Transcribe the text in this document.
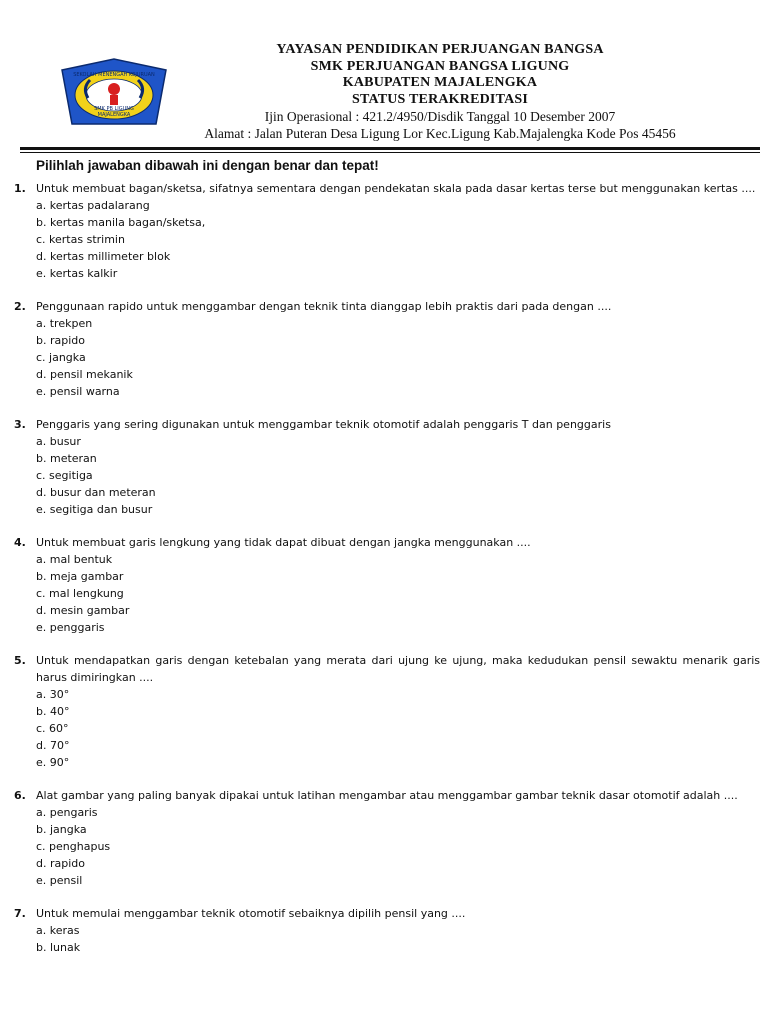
SEKOLAH MENENGAH KEJURUAN
SMK PB LIGUNG
MAJALENGKA
YAYASAN PENDIDIKAN PERJUANGAN BANGSA
SMK PERJUANGAN BANGSA LIGUNG
KABUPATEN MAJALENGKA
STATUS TERAKREDITASI
Ijin Operasional : 421.2/4950/Disdik Tanggal 10 Desember 2007
Alamat : Jalan Puteran Desa Ligung Lor Kec.Ligung Kab.Majalengka Kode Pos 45456
Pilihlah jawaban dibawah ini dengan benar dan tepat!
1. Untuk membuat bagan/sketsa, sifatnya sementara dengan pendekatan skala pada dasar kertas terse but menggunakan kertas ....
a. kertas padalarang
b. kertas manila bagan/sketsa,
c. kertas strimin
d. kertas millimeter blok
e. kertas kalkir
2. Penggunaan rapido untuk menggambar dengan teknik tinta dianggap lebih praktis dari pada dengan ....
a. trekpen
b. rapido
c. jangka
d. pensil mekanik
e. pensil warna
3. Penggaris yang sering digunakan untuk menggambar teknik otomotif adalah penggaris T dan penggaris
a. busur
b. meteran
c. segitiga
d. busur dan meteran
e. segitiga dan busur
4. Untuk membuat garis lengkung yang tidak dapat dibuat dengan jangka menggunakan ....
a. mal bentuk
b. meja gambar
c. mal lengkung
d. mesin gambar
e. penggaris
5. Untuk mendapatkan garis dengan ketebalan yang merata dari ujung ke ujung, maka kedudukan pensil sewaktu menarik garis harus dimiringkan ....
a. 30°
b. 40°
c. 60°
d. 70°
e. 90°
6. Alat gambar yang paling banyak dipakai untuk latihan mengambar atau menggambar gambar teknik dasar otomotif adalah ....
a. pengaris
b. jangka
c. penghapus
d. rapido
e. pensil
7. Untuk memulai menggambar teknik otomotif sebaiknya dipilih pensil yang ....
a. keras
b. lunak
